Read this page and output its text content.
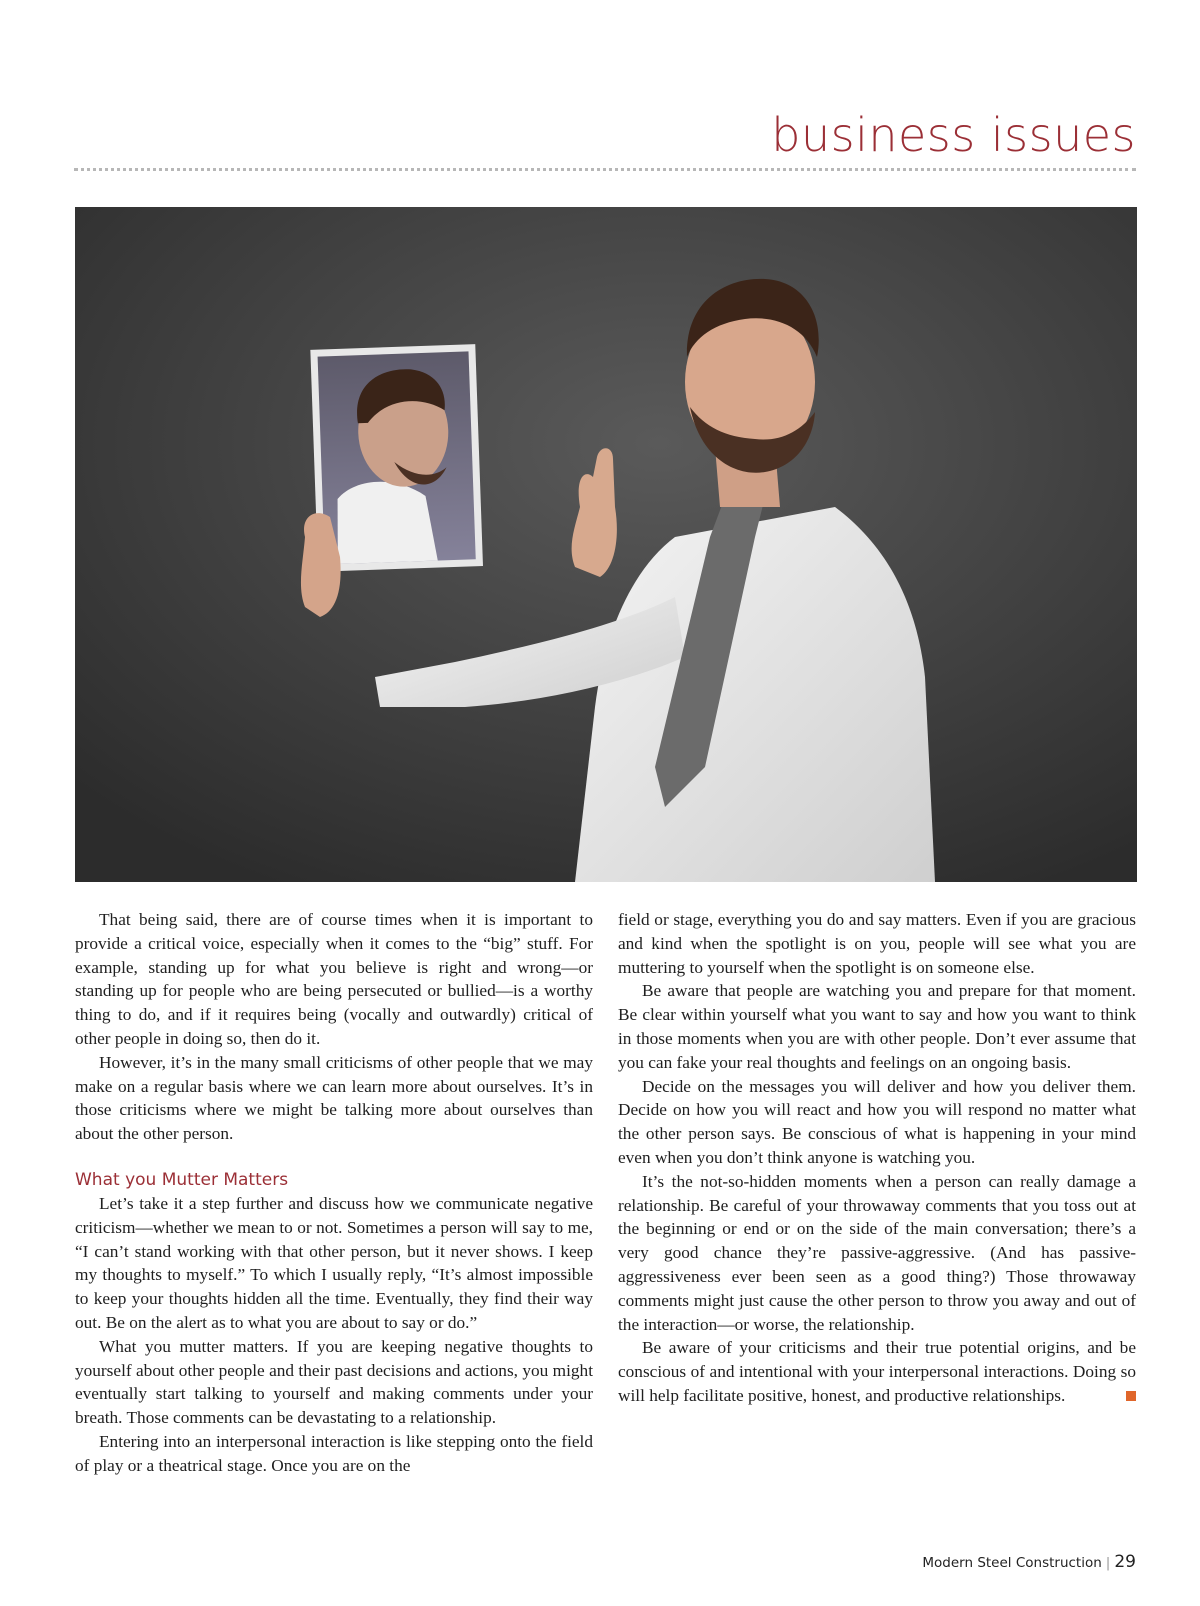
business issues

That being said, there are of course times when it is important to provide a critical voice, especially when it comes to the “big” stuff. For example, standing up for what you believe is right and wrong—or standing up for people who are being persecuted or bullied—is a worthy thing to do, and if it requires being (vocally and outwardly) critical of other people in doing so, then do it.

However, it’s in the many small criticisms of other people that we may make on a regular basis where we can learn more about ourselves. It’s in those criticisms where we might be talking more about ourselves than about the other person.

What you Mutter Matters

Let’s take it a step further and discuss how we communicate negative criticism—whether we mean to or not. Sometimes a person will say to me, “I can’t stand working with that other person, but it never shows. I keep my thoughts to myself.” To which I usually reply, “It’s almost impossible to keep your thoughts hidden all the time. Eventually, they find their way out. Be on the alert as to what you are about to say or do.”

What you mutter matters. If you are keeping negative thoughts to yourself about other people and their past decisions and actions, you might eventually start talking to yourself and making comments under your breath. Those comments can be devastating to a relationship.

Entering into an interpersonal interaction is like stepping onto the field of play or a theatrical stage. Once you are on the

field or stage, everything you do and say matters. Even if you are gracious and kind when the spotlight is on you, people will see what you are muttering to yourself when the spotlight is on someone else.

Be aware that people are watching you and prepare for that moment. Be clear within yourself what you want to say and how you want to think in those moments when you are with other people. Don’t ever assume that you can fake your real thoughts and feelings on an ongoing basis.

Decide on the messages you will deliver and how you deliver them. Decide on how you will react and how you will respond no matter what the other person says. Be conscious of what is happening in your mind even when you don’t think anyone is watching you.

It’s the not-so-hidden moments when a person can really damage a relationship. Be careful of your throwaway comments that you toss out at the beginning or end or on the side of the main conversation; there’s a very good chance they’re passive-aggressive. (And has passive-aggressiveness ever been seen as a good thing?) Those throwaway comments might just cause the other person to throw you away and out of the interaction—or worse, the relationship.

Be aware of your criticisms and their true potential origins, and be conscious of and intentional with your interpersonal interactions. Doing so will help facilitate positive, honest, and productive relationships.

Modern Steel Construction | 29
